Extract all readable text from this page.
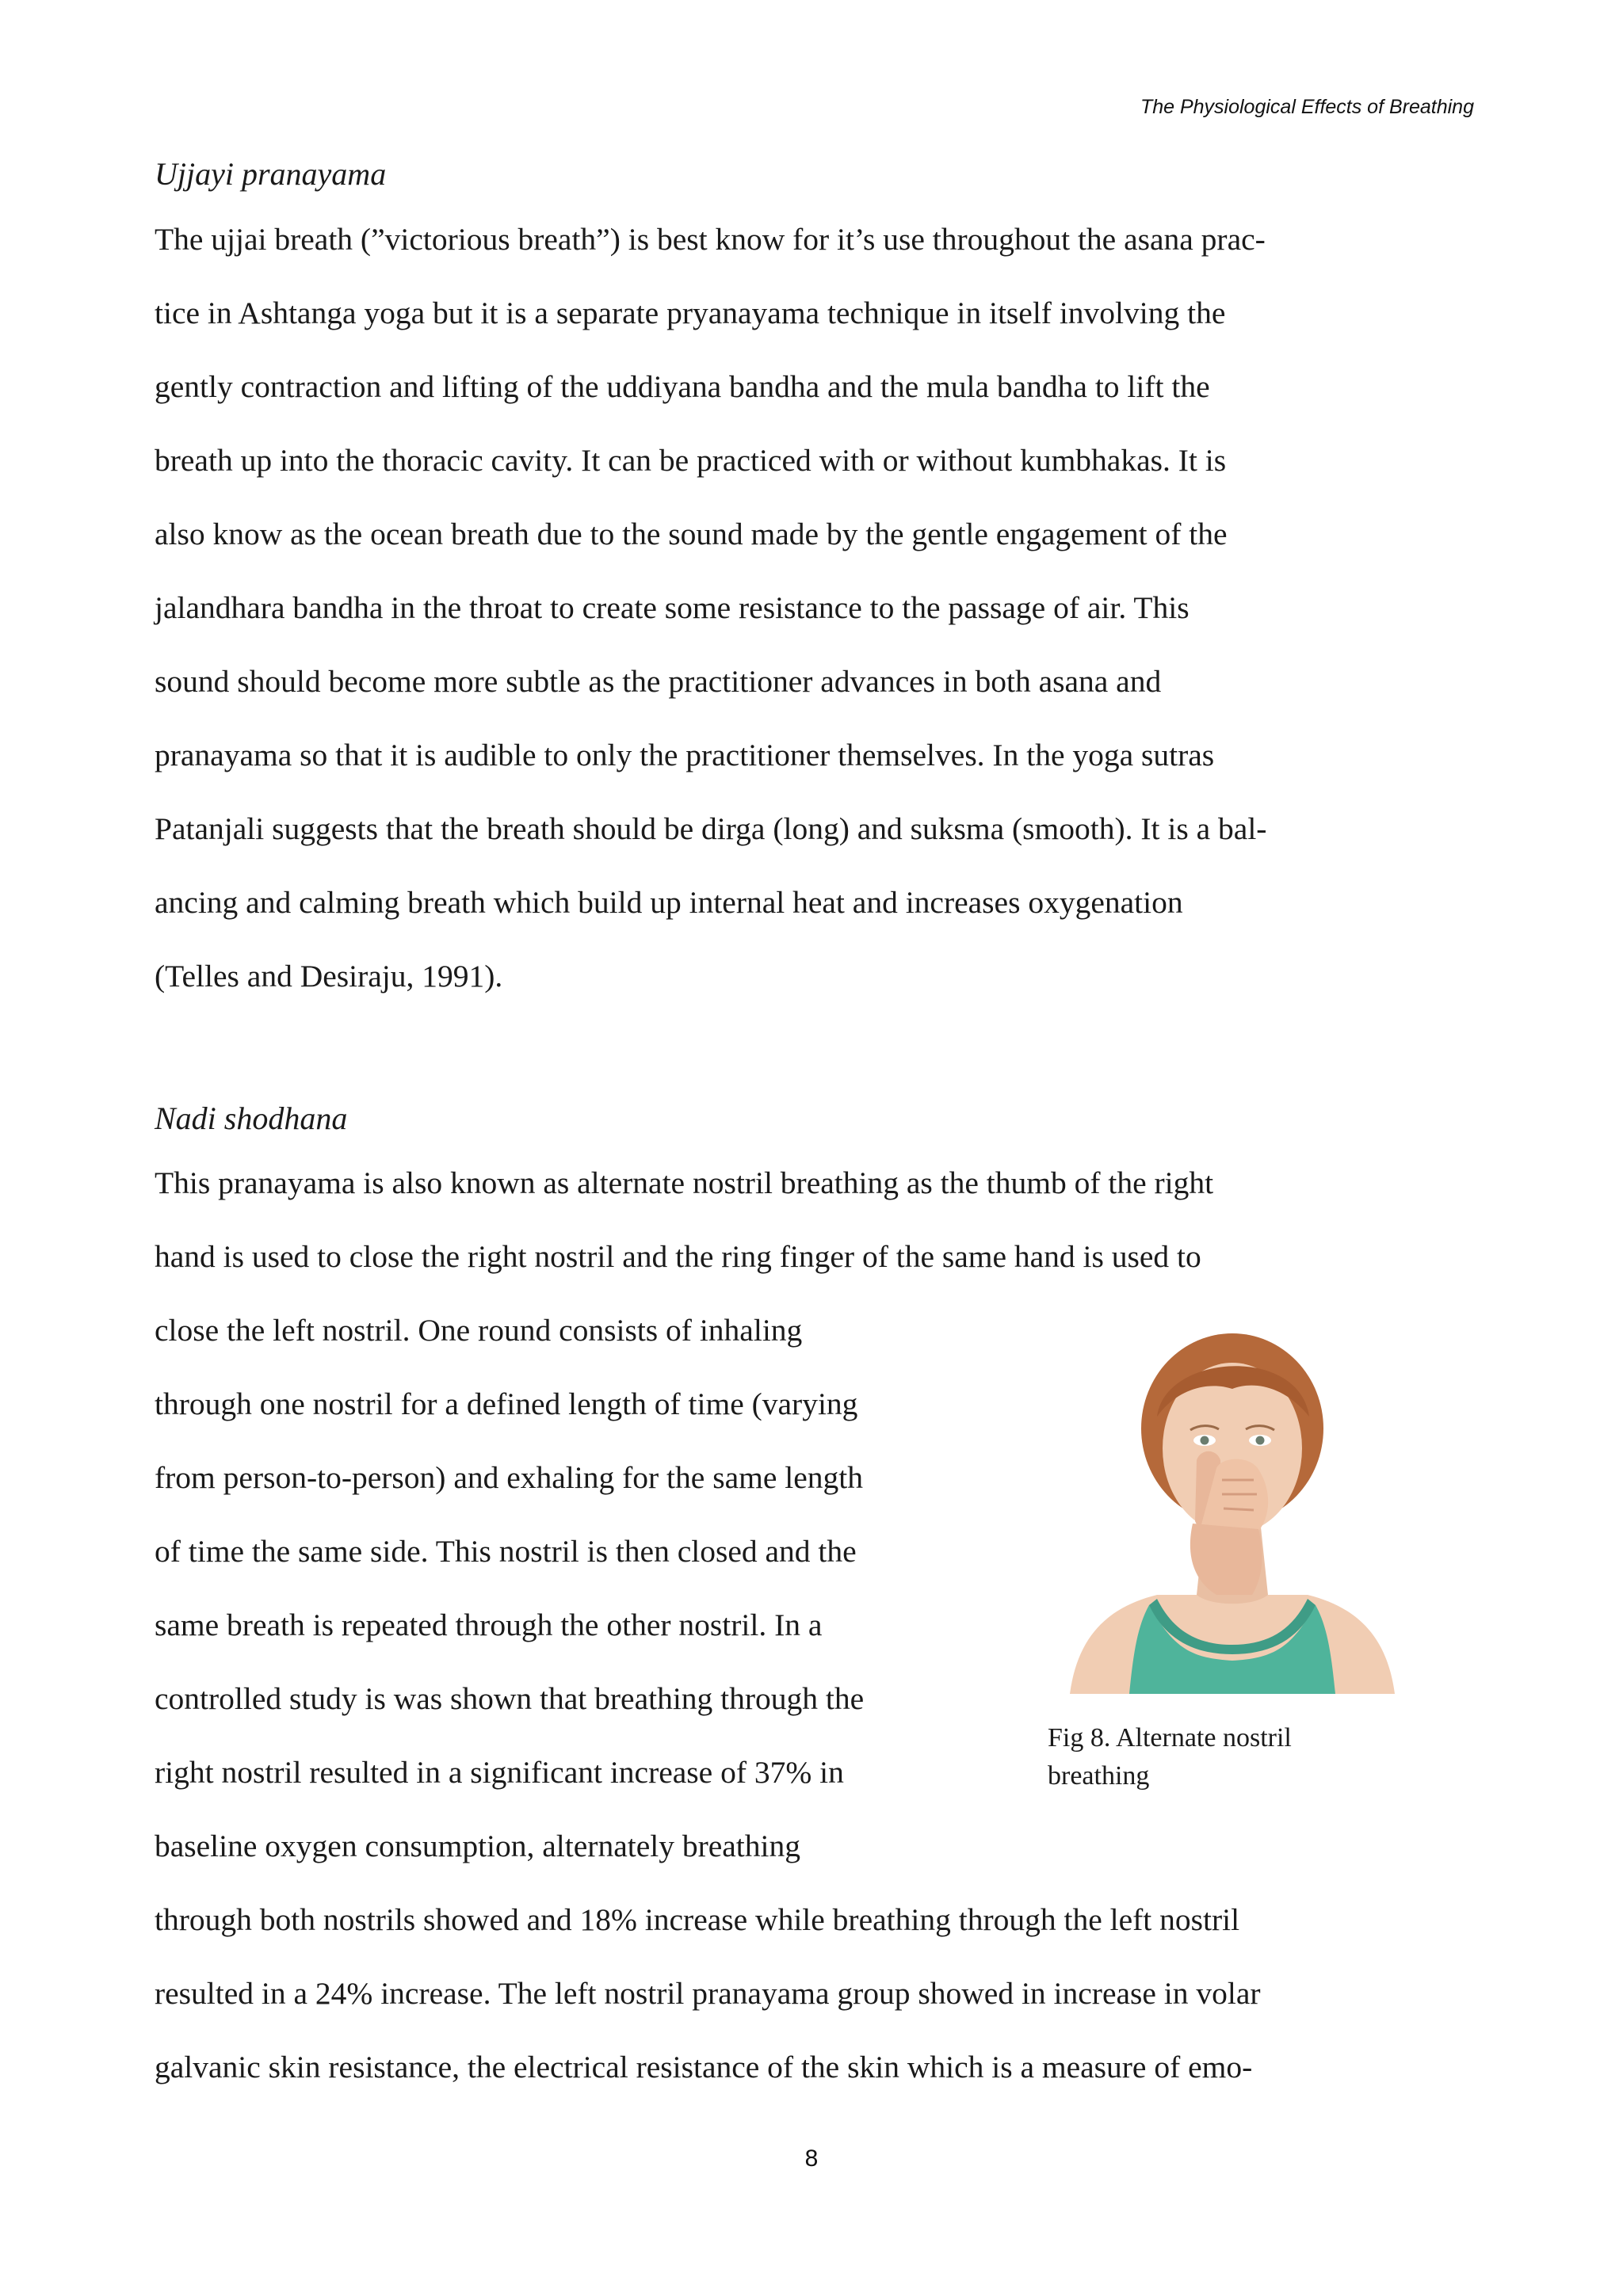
The Physiological Effects of Breathing
Ujjayi pranayama
The ujjai breath (”victorious breath”) is best know for it’s use throughout the asana prac-
tice in Ashtanga yoga but it is a separate pryanayama technique in itself involving the
gently contraction and lifting of the uddiyana bandha and the mula bandha to lift the
breath up into the thoracic cavity. It can be practiced with or without kumbhakas. It is
also know as the ocean breath due to the sound made by the gentle engagement of the
jalandhara bandha in the throat to create some resistance to the passage of air. This
sound should become more subtle as the practitioner advances in both asana and
pranayama so that it is audible to only the practitioner themselves. In the yoga sutras
Patanjali suggests that the breath should be dirga (long) and suksma (smooth). It is a bal-
ancing and calming breath which build up internal heat and increases oxygenation
(Telles and Desiraju, 1991).
Nadi shodhana
This pranayama is also known as alternate nostril breathing as the thumb of the right
hand is used to close the right nostril and the ring finger of the same hand is used to
close the left nostril. One round consists of inhaling
through one nostril for a defined length of time (varying
from person-to-person) and exhaling for the same length
of time the same side. This nostril is then closed and the
same breath is repeated through the other nostril. In a
controlled study is was shown that breathing through the
right nostril resulted in a significant increase of 37% in
baseline oxygen consumption, alternately breathing
through both nostrils showed and 18% increase while breathing through the left nostril
resulted in a 24% increase. The left nostril pranayama group showed in increase in volar
galvanic skin resistance, the electrical resistance of the skin which is a measure of emo-
Fig 8. Alternate nostril
breathing
8
